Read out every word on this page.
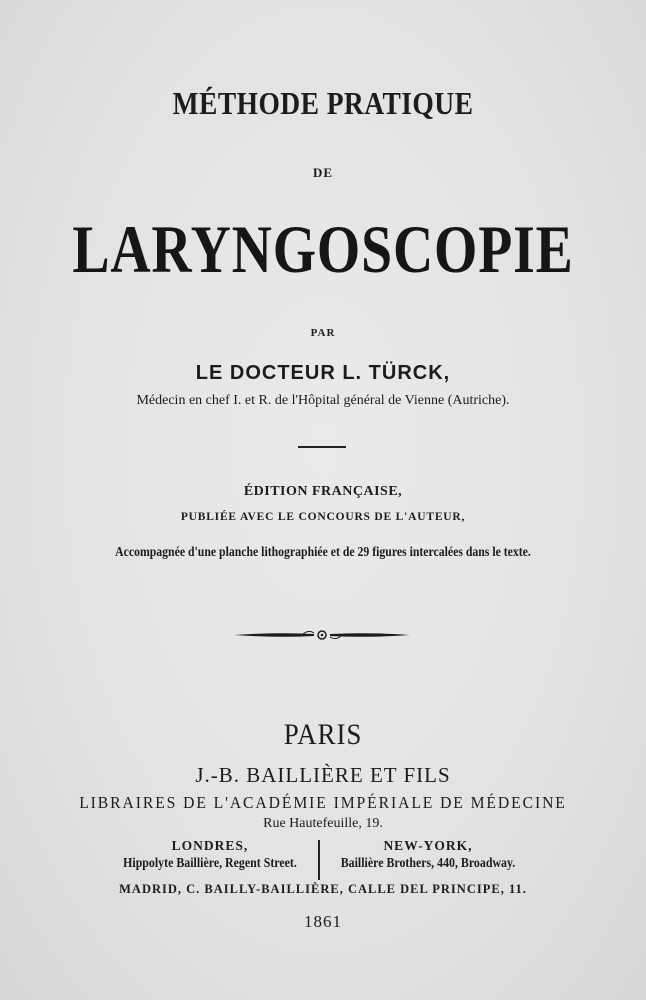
MÉTHODE PRATIQUE
DE
LARYNGOSCOPIE
PAR
LE DOCTEUR L. TÜRCK,
Médecin en chef I. et R. de l'Hôpital général de Vienne (Autriche).
ÉDITION FRANÇAISE,
PUBLIÉE AVEC LE CONCOURS DE L'AUTEUR,
Accompagnée d'une planche lithographiée et de 29 figures intercalées dans le texte.
PARIS
J.-B. BAILLIÈRE ET FILS
LIBRAIRES DE L'ACADÉMIE IMPÉRIALE DE MÉDECINE
Rue Hautefeuille, 19.
LONDRES,
Hippolyte Baillière, Regent Street.
NEW-YORK,
Baillière Brothers, 440, Broadway.
MADRID, C. BAILLY-BAILLIÈRE, CALLE DEL PRINCIPE, 11.
1861
